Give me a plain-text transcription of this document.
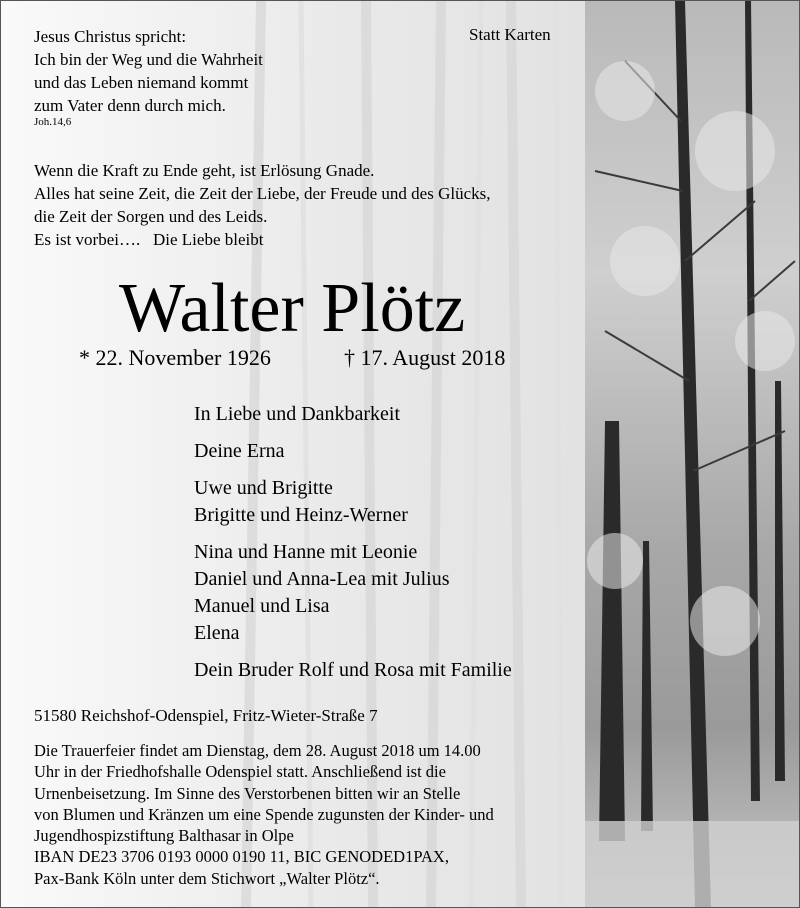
Jesus Christus spricht:
Ich bin der Weg und die Wahrheit
und das Leben niemand kommt
zum Vater denn durch mich.
Joh.14,6
Statt Karten
Wenn die Kraft zu Ende geht, ist Erlösung Gnade.
Alles hat seine Zeit, die Zeit der Liebe, der Freude und des Glücks,
die Zeit der Sorgen und des Leids.
Es ist vorbei….   Die Liebe bleibt
Walter Plötz
* 22. November 1926	† 17. August 2018
In Liebe und Dankbarkeit
Deine Erna
Uwe und Brigitte
Brigitte und Heinz-Werner
Nina und Hanne mit Leonie
Daniel und Anna-Lea mit Julius
Manuel und Lisa
Elena
Dein Bruder Rolf und Rosa mit Familie
51580 Reichshof-Odenspiel, Fritz-Wieter-Straße 7
Die Trauerfeier findet am Dienstag, dem 28. August 2018 um 14.00
Uhr in der Friedhofshalle Odenspiel statt. Anschließend ist die
Urnenbeisetzung. Im Sinne des Verstorbenen bitten wir an Stelle
von Blumen und Kränzen um eine Spende zugunsten der Kinder- und
Jugendhospizstiftung Balthasar in Olpe
IBAN DE23 3706 0193 0000 0190 11, BIC GENODED1PAX,
Pax-Bank Köln unter dem Stichwort „Walter Plötz“.
